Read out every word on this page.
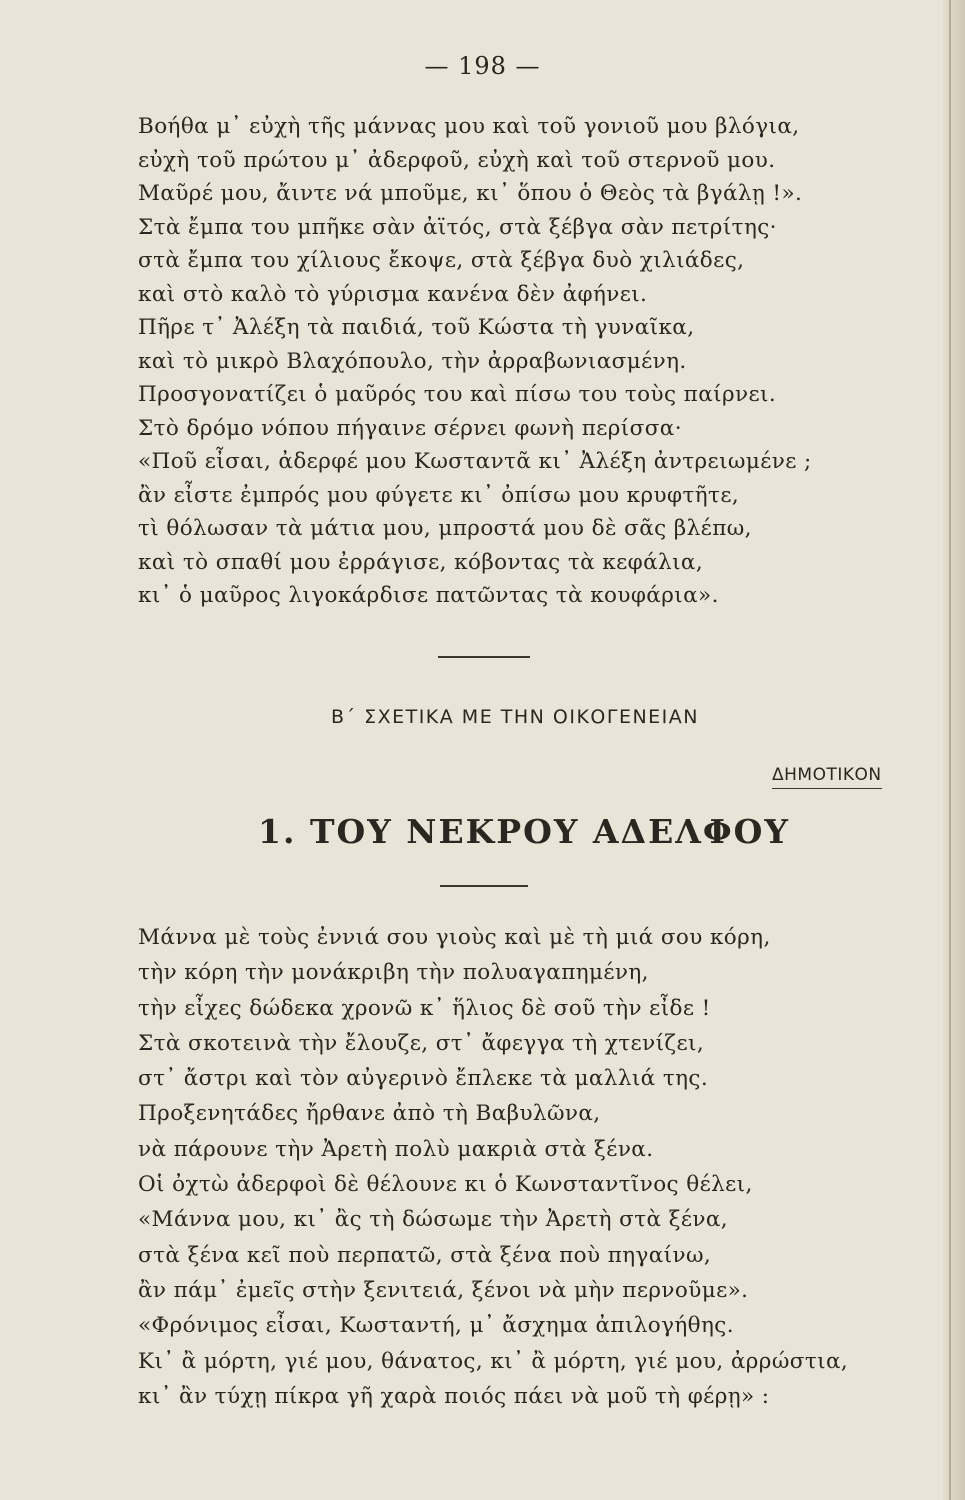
— 198 —
Βοήθα μ᾽ εὐχὴ τῆς μάννας μου καὶ τοῦ γονιοῦ μου βλόγια,
εὐχὴ τοῦ πρώτου μ᾽ ἀδερφοῦ, εὐχὴ καὶ τοῦ στερνοῦ μου.
Μαῦρέ μου, ἄιντε νά μποῦμε, κι᾽ ὅπου ὁ Θεὸς τὰ βγάλῃ !».
Στὰ ἔμπα του μπῆκε σὰν ἀϊτός, στὰ ξέβγα σὰν πετρίτης·
στὰ ἔμπα του χίλιους ἔκοψε, στὰ ξέβγα δυὸ χιλιάδες,
καὶ στὸ καλὸ τὸ γύρισμα κανένα δὲν ἀφήνει.
Πῆρε τ᾽ Ἀλέξη τὰ παιδιά, τοῦ Κώστα τὴ γυναῖκα,
καὶ τὸ μικρὸ Βλαχόπουλο, τὴν ἀρραβωνιασμένη.
Προσγονατίζει ὁ μαῦρός του καὶ πίσω του τοὺς παίρνει.
Στὸ δρόμο νόπου πήγαινε σέρνει φωνὴ περίσσα·
«Ποῦ εἶσαι, ἀδερφέ μου Κωσταντᾶ κι᾽ Ἀλέξη ἀντρειωμένε ;
ἂν εἶστε ἐμπρός μου φύγετε κι᾽ ὀπίσω μου κρυφτῆτε,
τὶ θόλωσαν τὰ μάτια μου, μπροστά μου δὲ σᾶς βλέπω,
καὶ τὸ σπαθί μου ἐρράγισε, κόβοντας τὰ κεφάλια,
κι᾽ ὁ μαῦρος λιγοκάρδισε πατῶντας τὰ κουφάρια».
Β΄ ΣΧΕΤΙΚΑ ΜΕ ΤΗΝ ΟΙΚΟΓΕΝΕΙΑΝ
ΔΗΜΟΤΙΚΟΝ
1. ΤΟΥ ΝΕΚΡΟΥ ΑΔΕΛΦΟΥ
Μάννα μὲ τοὺς ἐννιά σου γιοὺς καὶ μὲ τὴ μιά σου κόρη,
τὴν κόρη τὴν μονάκριβη τὴν πολυαγαπημένη,
τὴν εἶχες δώδεκα χρονῶ κ᾽ ἥλιος δὲ σοῦ τὴν εἶδε !
Στὰ σκοτεινὰ τὴν ἔλουζε, στ᾽ ἄφεγγα τὴ χτενίζει,
στ᾽ ἄστρι καὶ τὸν αὐγερινὸ ἔπλεκε τὰ μαλλιά της.
Προξενητάδες ἤρθανε ἀπὸ τὴ Βαβυλῶνα,
νὰ πάρουνε τὴν Ἀρετὴ πολὺ μακριὰ στὰ ξένα.
Οἱ ὀχτὼ ἀδερφοὶ δὲ θέλουνε κι ὁ Κωνσταντῖνος θέλει,
«Μάννα μου, κι᾽ ἂς τὴ δώσωμε τὴν Ἀρετὴ στὰ ξένα,
στὰ ξένα κεῖ ποὺ περπατῶ, στὰ ξένα ποὺ πηγαίνω,
ἂν πάμ᾽ ἐμεῖς στὴν ξενιτειά, ξένοι νὰ μὴν περνοῦμε».
«Φρόνιμος εἶσαι, Κωσταντή, μ᾽ ἄσχημα ἀπιλογήθης.
Κι᾽ ἂ μόρτη, γιέ μου, θάνατος, κι᾽ ἂ μόρτη, γιέ μου, ἀρρώστια,
κι᾽ ἂν τύχῃ πίκρα γῆ χαρὰ ποιός πάει νὰ μοῦ τὴ φέρῃ» :
